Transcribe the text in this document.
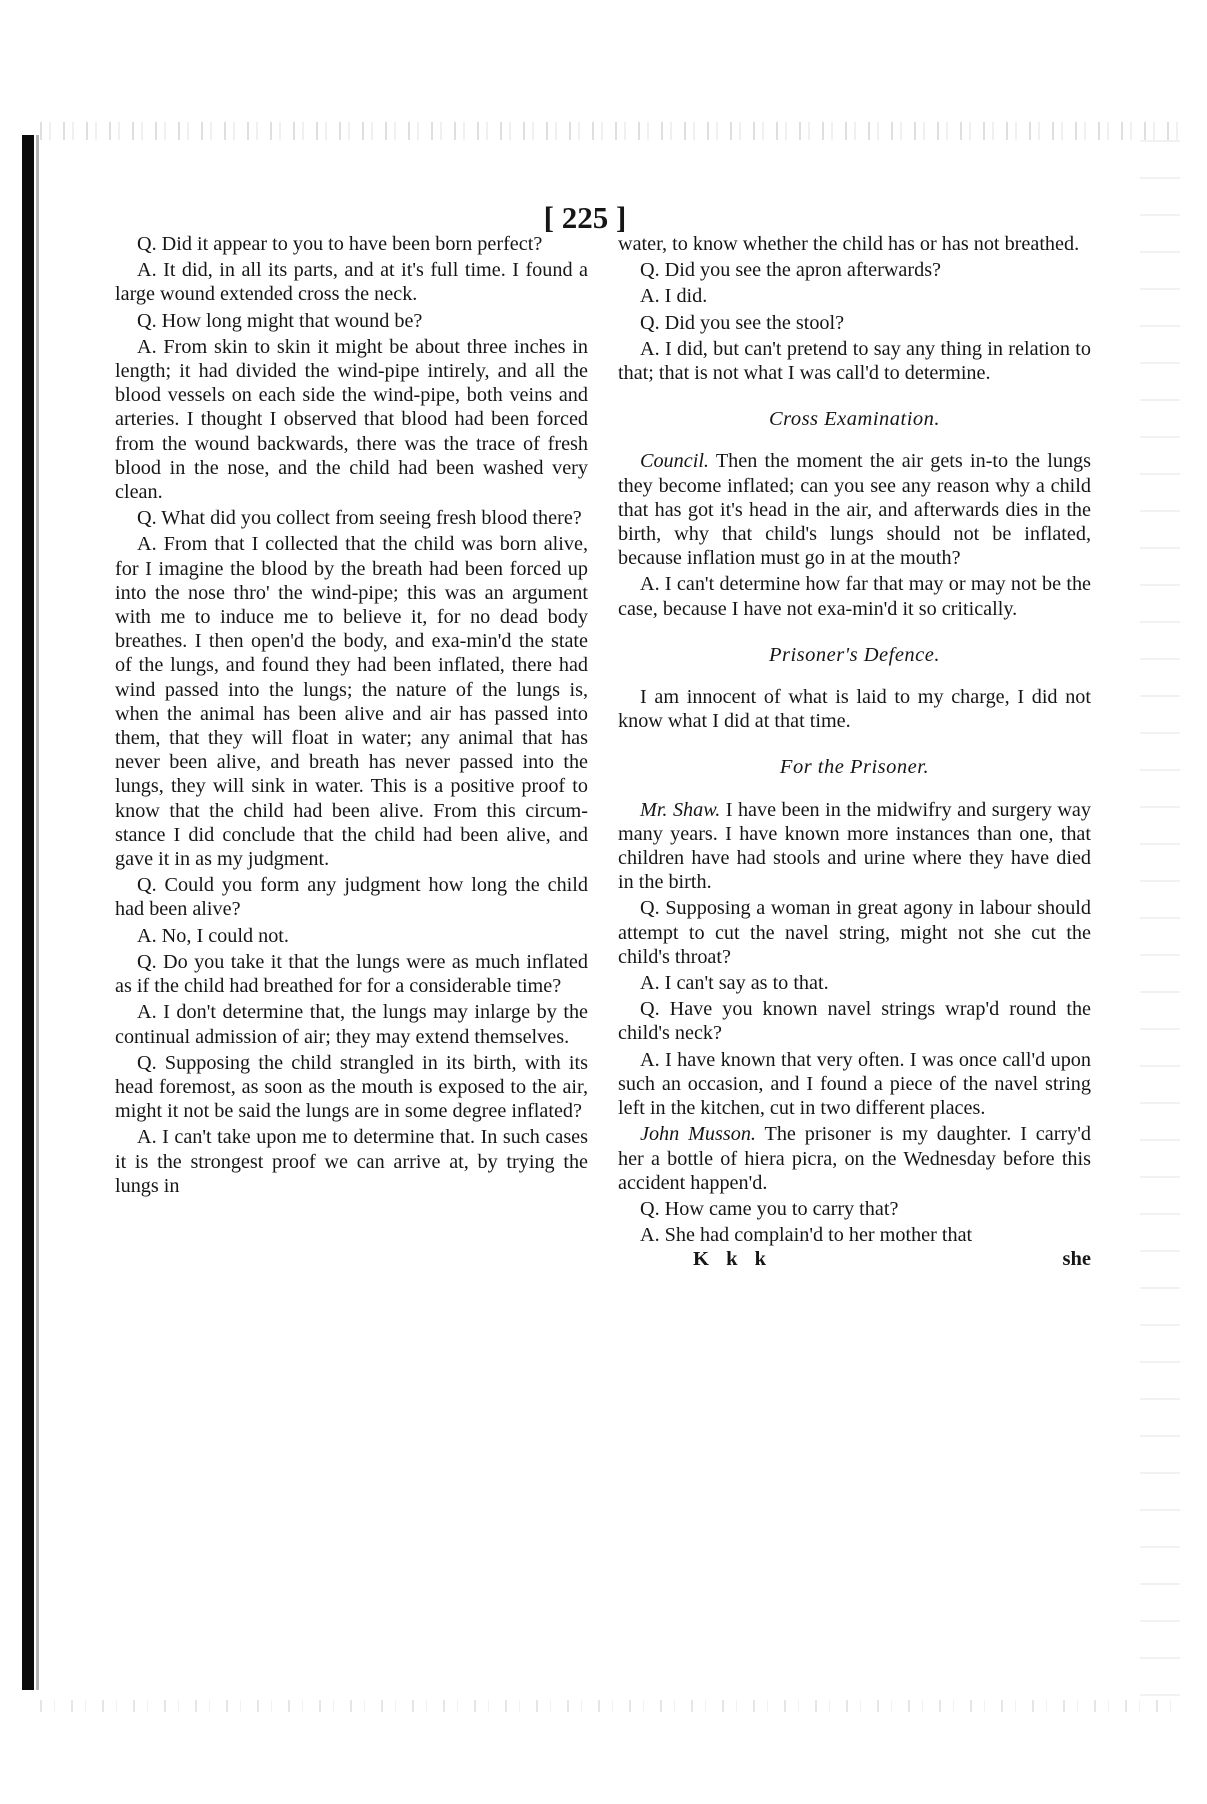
[ 225 ]

Q. Did it appear to you to have been born perfect?

A. It did, in all its parts, and at it's full time. I found a large wound extended cross the neck.

Q. How long might that wound be?

A. From skin to skin it might be about three inches in length; it had divided the wind-pipe intirely, and all the blood vessels on each side the wind-pipe, both veins and arteries. I thought I observed that blood had been forced from the wound backwards, there was the trace of fresh blood in the nose, and the child had been washed very clean.

Q. What did you collect from seeing fresh blood there?

A. From that I collected that the child was born alive, for I imagine the blood by the breath had been forced up into the nose thro' the wind-pipe; this was an argument with me to induce me to believe it, for no dead body breathes. I then open'd the body, and exa-min'd the state of the lungs, and found they had been inflated, there had wind passed into the lungs; the nature of the lungs is, when the animal has been alive and air has passed into them, that they will float in water; any animal that has never been alive, and breath has never passed into the lungs, they will sink in water. This is a positive proof to know that the child had been alive. From this circum-stance I did conclude that the child had been alive, and gave it in as my judgment.

Q. Could you form any judgment how long the child had been alive?

A. No, I could not.

Q. Do you take it that the lungs were as much inflated as if the child had breathed for for a considerable time?

A. I don't determine that, the lungs may inlarge by the continual admission of air; they may extend themselves.

Q. Supposing the child strangled in its birth, with its head foremost, as soon as the mouth is exposed to the air, might it not be said the lungs are in some degree inflated?

A. I can't take upon me to determine that. In such cases it is the strongest proof we can arrive at, by trying the lungs in

water, to know whether the child has or has not breathed.

Q. Did you see the apron afterwards?

A. I did.

Q. Did you see the stool?

A. I did, but can't pretend to say any thing in relation to that; that is not what I was call'd to determine.

Cross Examination.

Council. Then the moment the air gets in-to the lungs they become inflated; can you see any reason why a child that has got it's head in the air, and afterwards dies in the birth, why that child's lungs should not be inflated, because inflation must go in at the mouth?

A. I can't determine how far that may or may not be the case, because I have not exa-min'd it so critically.

Prisoner's Defence.

I am innocent of what is laid to my charge, I did not know what I did at that time.

For the Prisoner.

Mr. Shaw. I have been in the midwifry and surgery way many years. I have known more instances than one, that children have had stools and urine where they have died in the birth.

Q. Supposing a woman in great agony in labour should attempt to cut the navel string, might not she cut the child's throat?

A. I can't say as to that.

Q. Have you known navel strings wrap'd round the child's neck?

A. I have known that very often. I was once call'd upon such an occasion, and I found a piece of the navel string left in the kitchen, cut in two different places.

John Musson. The prisoner is my daughter. I carry'd her a bottle of hiera picra, on the Wednesday before this accident happen'd.

Q. How came you to carry that?

A. She had complain'd to her mother that

K k k	she
